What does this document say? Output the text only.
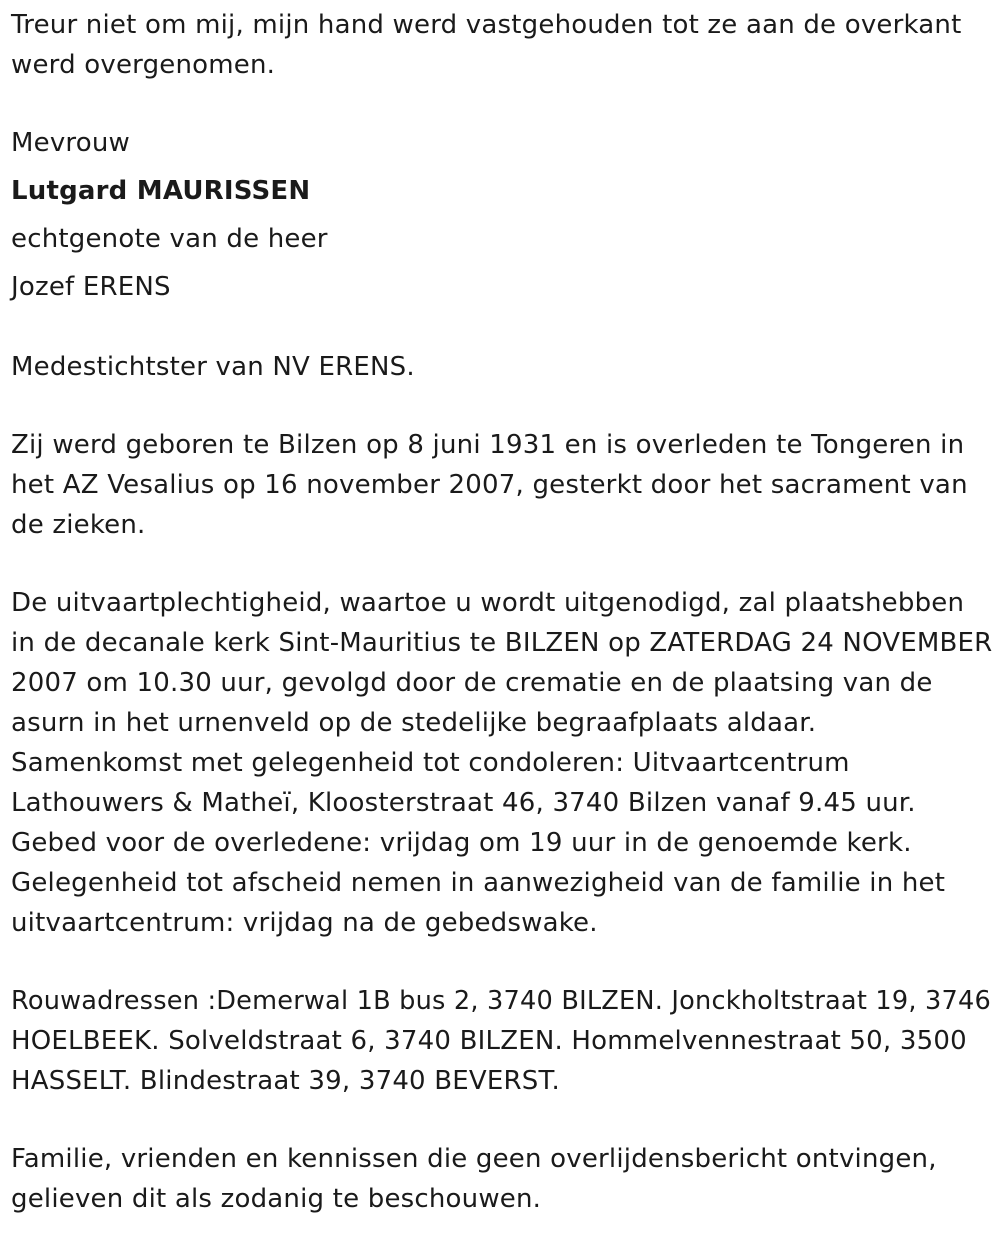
Treur niet om mij, mijn hand werd vastgehouden tot ze aan de overkant
werd overgenomen.

Mevrouw
Lutgard MAURISSEN
echtgenote van de heer
Jozef ERENS

Medestichtster van NV ERENS.

Zij werd geboren te Bilzen op 8 juni 1931 en is overleden te Tongeren in
het AZ Vesalius op 16 november 2007, gesterkt door het sacrament van
de zieken.

De uitvaartplechtigheid, waartoe u wordt uitgenodigd, zal plaatshebben
in de decanale kerk Sint-Mauritius te BILZEN op ZATERDAG 24 NOVEMBER
2007 om 10.30 uur, gevolgd door de crematie en de plaatsing van de
asurn in het urnenveld op de stedelijke begraafplaats aldaar.
Samenkomst met gelegenheid tot condoleren: Uitvaartcentrum
Lathouwers & Matheï, Kloosterstraat 46, 3740 Bilzen vanaf 9.45 uur.
Gebed voor de overledene: vrijdag om 19 uur in de genoemde kerk.
Gelegenheid tot afscheid nemen in aanwezigheid van de familie in het
uitvaartcentrum: vrijdag na de gebedswake.

Rouwadressen :Demerwal 1B bus 2, 3740 BILZEN. Jonckholtstraat 19, 3746
HOELBEEK. Solveldstraat 6, 3740 BILZEN. Hommelvennestraat 50, 3500
HASSELT. Blindestraat 39, 3740 BEVERST.

Familie, vrienden en kennissen die geen overlijdensbericht ontvingen,
gelieven dit als zodanig te beschouwen.
